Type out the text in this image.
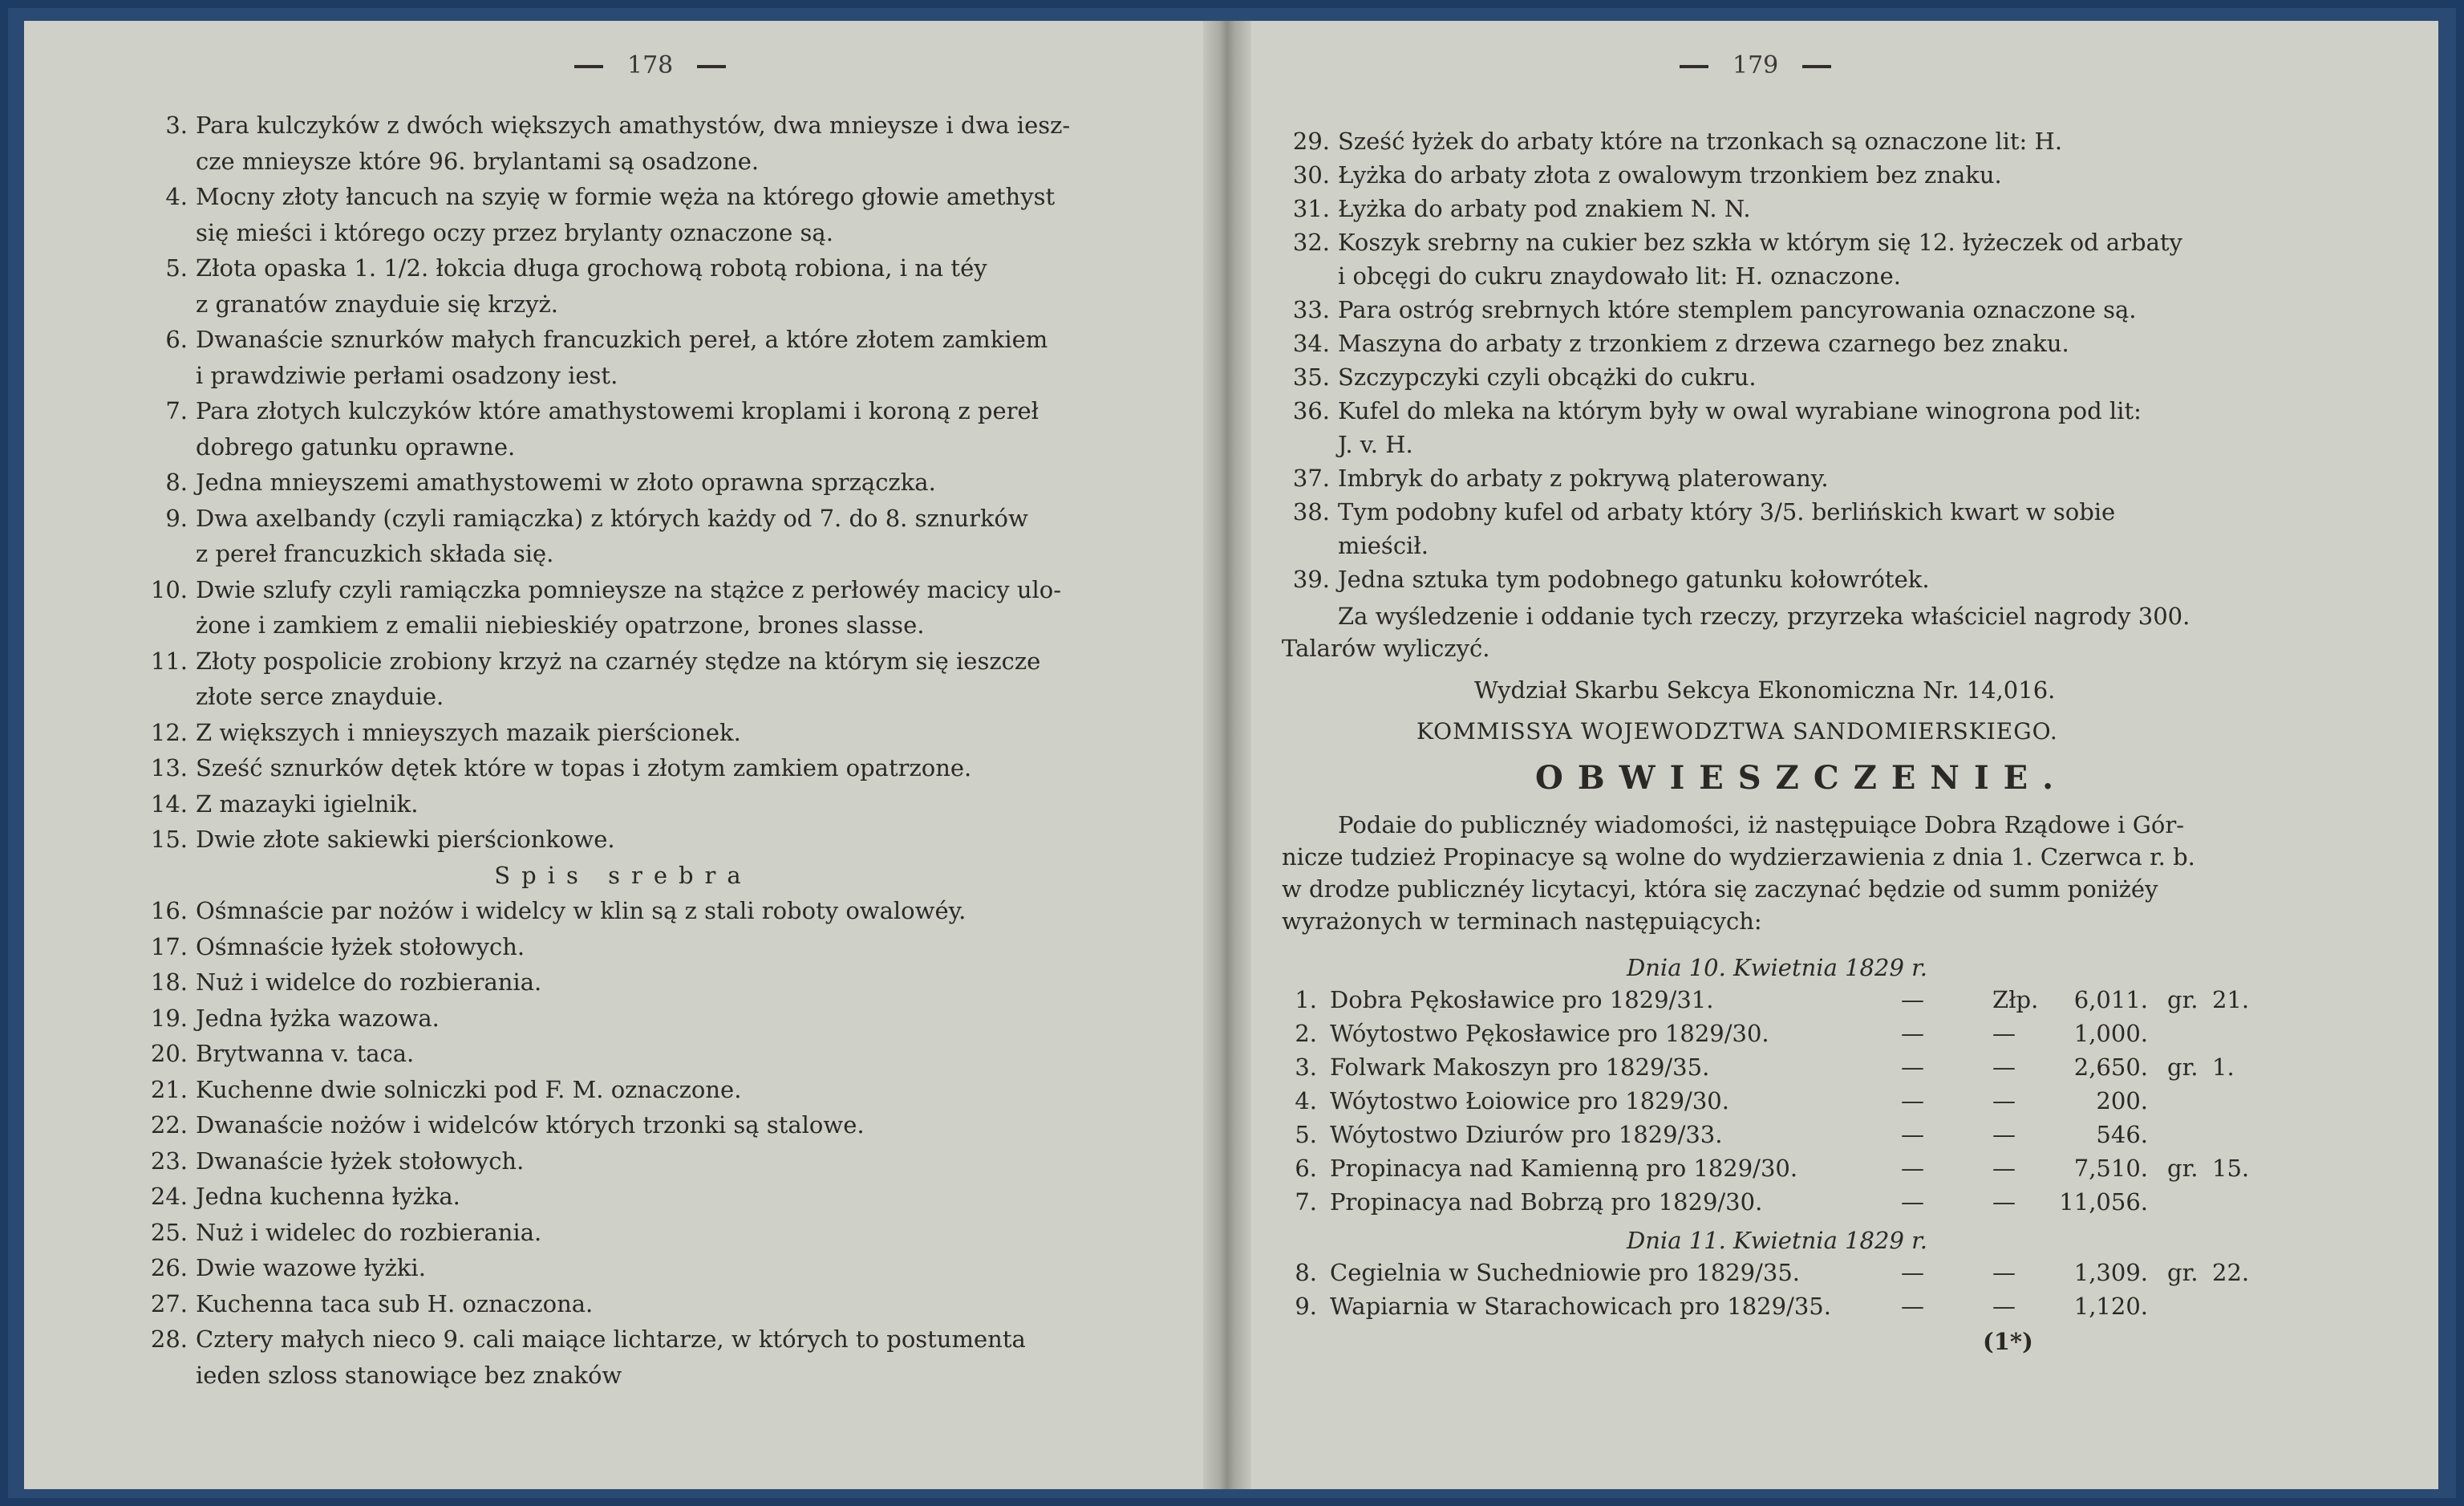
178
3. Para kulczyków z dwóch większych amathystów, dwa mnieysze i dwa iesz-
cze mnieysze które 96. brylantami są osadzone.
4. Mocny złoty łancuch na szyię w formie węża na którego głowie amethyst
się mieści i którego oczy przez brylanty oznaczone są.
5. Złota opaska 1. 1/2. łokcia długa grochową robotą robiona, i na téy
z granatów znayduie się krzyż.
6. Dwanaście sznurków małych francuzkich pereł, a które złotem zamkiem
i prawdziwie perłami osadzony iest.
7. Para złotych kulczyków które amathystowemi kroplami i koroną z pereł
dobrego gatunku oprawne.
8. Jedna mnieyszemi amathystowemi w złoto oprawna sprzączka.
9. Dwa axelbandy (czyli ramiączka) z których każdy od 7. do 8. sznurków
z pereł francuzkich składa się.
10. Dwie szlufy czyli ramiączka pomnieysze na stążce z perłowéy macicy ulo-
żone i zamkiem z emalii niebieskiéy opatrzone, brones slasse.
11. Złoty pospolicie zrobiony krzyż na czarnéy stędze na którym się ieszcze
złote serce znayduie.
12. Z większych i mnieyszych mazaik pierścionek.
13. Sześć sznurków dętek które w topas i złotym zamkiem opatrzone.
14. Z mazayki igielnik.
15. Dwie złote sakiewki pierścionkowe.
Spis srebra
16. Ośmnaście par nożów i widelcy w klin są z stali roboty owalowéy.
17. Ośmnaście łyżek stołowych.
18. Nuż i widelce do rozbierania.
19. Jedna łyżka wazowa.
20. Brytwanna v. taca.
21. Kuchenne dwie solniczki pod F. M. oznaczone.
22. Dwanaście nożów i widelców których trzonki są stalowe.
23. Dwanaście łyżek stołowych.
24. Jedna kuchenna łyżka.
25. Nuż i widelec do rozbierania.
26. Dwie wazowe łyżki.
27. Kuchenna taca sub H. oznaczona.
28. Cztery małych nieco 9. cali maiące lichtarze, w których to postumenta
ieden szloss stanowiące bez znaków
179
29. Sześć łyżek do arbaty które na trzonkach są oznaczone lit: H.
30. Łyżka do arbaty złota z owalowym trzonkiem bez znaku.
31. Łyżka do arbaty pod znakiem N. N.
32. Koszyk srebrny na cukier bez szkła w którym się 12. łyżeczek od arbaty
i obcęgi do cukru znaydowało lit: H. oznaczone.
33. Para ostróg srebrnych które stemplem pancyrowania oznaczone są.
34. Maszyna do arbaty z trzonkiem z drzewa czarnego bez znaku.
35. Szczypczyki czyli obcążki do cukru.
36. Kufel do mleka na którym były w owal wyrabiane winogrona pod lit:
J. v. H.
37. Imbryk do arbaty z pokrywą platerowany.
38. Tym podobny kufel od arbaty który 3/5. berlińskich kwart w sobie
mieścił.
39. Jedna sztuka tym podobnego gatunku kołowrótek.
Za wyśledzenie i oddanie tych rzeczy, przyrzeka właściciel nagrody 300.
Talarów wyliczyć.
Wydział Skarbu Sekcya Ekonomiczna Nr. 14,016.
KOMMISSYA WOJEWODZTWA SANDOMIERSKIEGO.
OBWIESZCZENIE.
Podaie do publicznéy wiadomości, iż następuiące Dobra Rządowe i Gór-
nicze tudzież Propinacye są wolne do wydzierzawienia z dnia 1. Czerwca r. b.
w drodze publicznéy licytacyi, która się zaczynać będzie od summ poniżéy
wyrażonych w terminach następuiących:
Dnia 10. Kwietnia 1829 r.
1. Dobra Pękosławice pro 1829/31.	—	Złp.	6,011. gr. 21.
2. Wóytostwo Pękosławice pro 1829/30.	—	—	1,000.
3. Folwark Makoszyn pro 1829/35.	—	—	2,650. gr. 1.
4. Wóytostwo Łoiowice pro 1829/30.	—	—	200.
5. Wóytostwo Dziurów pro 1829/33.	—	—	546.
6. Propinacya nad Kamienną pro 1829/30.	—	—	7,510. gr. 15.
7. Propinacya nad Bobrzą pro 1829/30.	—	—	11,056.
Dnia 11. Kwietnia 1829 r.
8. Cegielnia w Suchedniowie pro 1829/35.	—	—	1,309. gr. 22.
9. Wapiarnia w Starachowicach pro 1829/35.	—	—	1,120.
(1*)
